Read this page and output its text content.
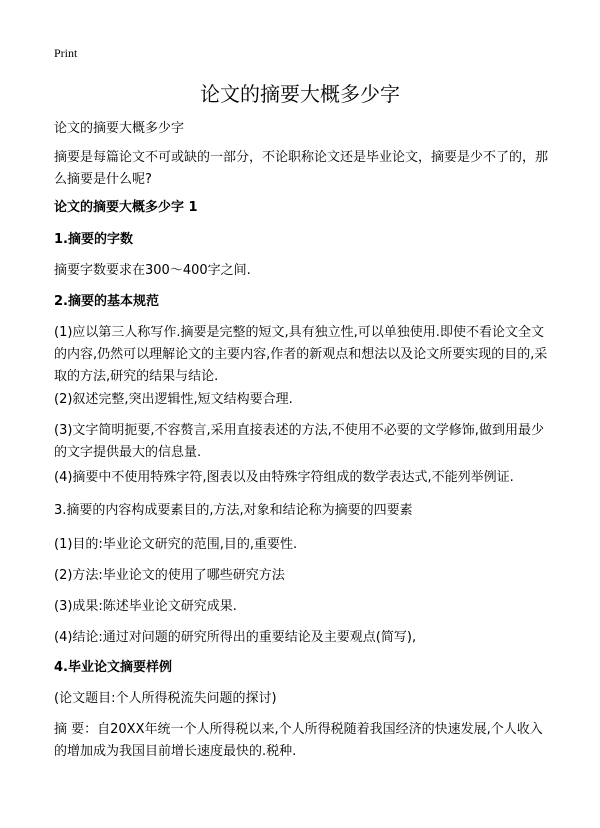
Print
论文的摘要大概多少字

论文的摘要大概多少字

摘要是每篇论文不可或缺的一部分，不论职称论文还是毕业论文，摘要是少不了的，那么摘要是什么呢?

论文的摘要大概多少字 1

1.摘要的字数

摘要字数要求在300～400字之间.

2.摘要的基本规范

(1)应以第三人称写作.摘要是完整的短文,具有独立性,可以单独使用.即使不看论文全文的内容,仍然可以理解论文的主要内容,作者的新观点和想法以及论文所要实现的目的,采取的方法,研究的结果与结论.

(2)叙述完整,突出逻辑性,短文结构要合理.

(3)文字简明扼要,不容赘言,采用直接表述的方法,不使用不必要的文学修饰,做到用最少的文字提供最大的信息量.

(4)摘要中不使用特殊字符,图表以及由特殊字符组成的数学表达式,不能列举例证.

3.摘要的内容构成要素目的,方法,对象和结论称为摘要的四要素

(1)目的:毕业论文研究的范围,目的,重要性.

(2)方法:毕业论文的使用了哪些研究方法

(3)成果:陈述毕业论文研究成果.

(4)结论:通过对问题的研究所得出的重要结论及主要观点(简写),

4.毕业论文摘要样例

(论文题目:个人所得税流失问题的探讨)

摘 要：自20XX年统一个人所得税以来,个人所得税随着我国经济的快速发展,个人收入的增加成为我国目前增长速度最快的.税种.
